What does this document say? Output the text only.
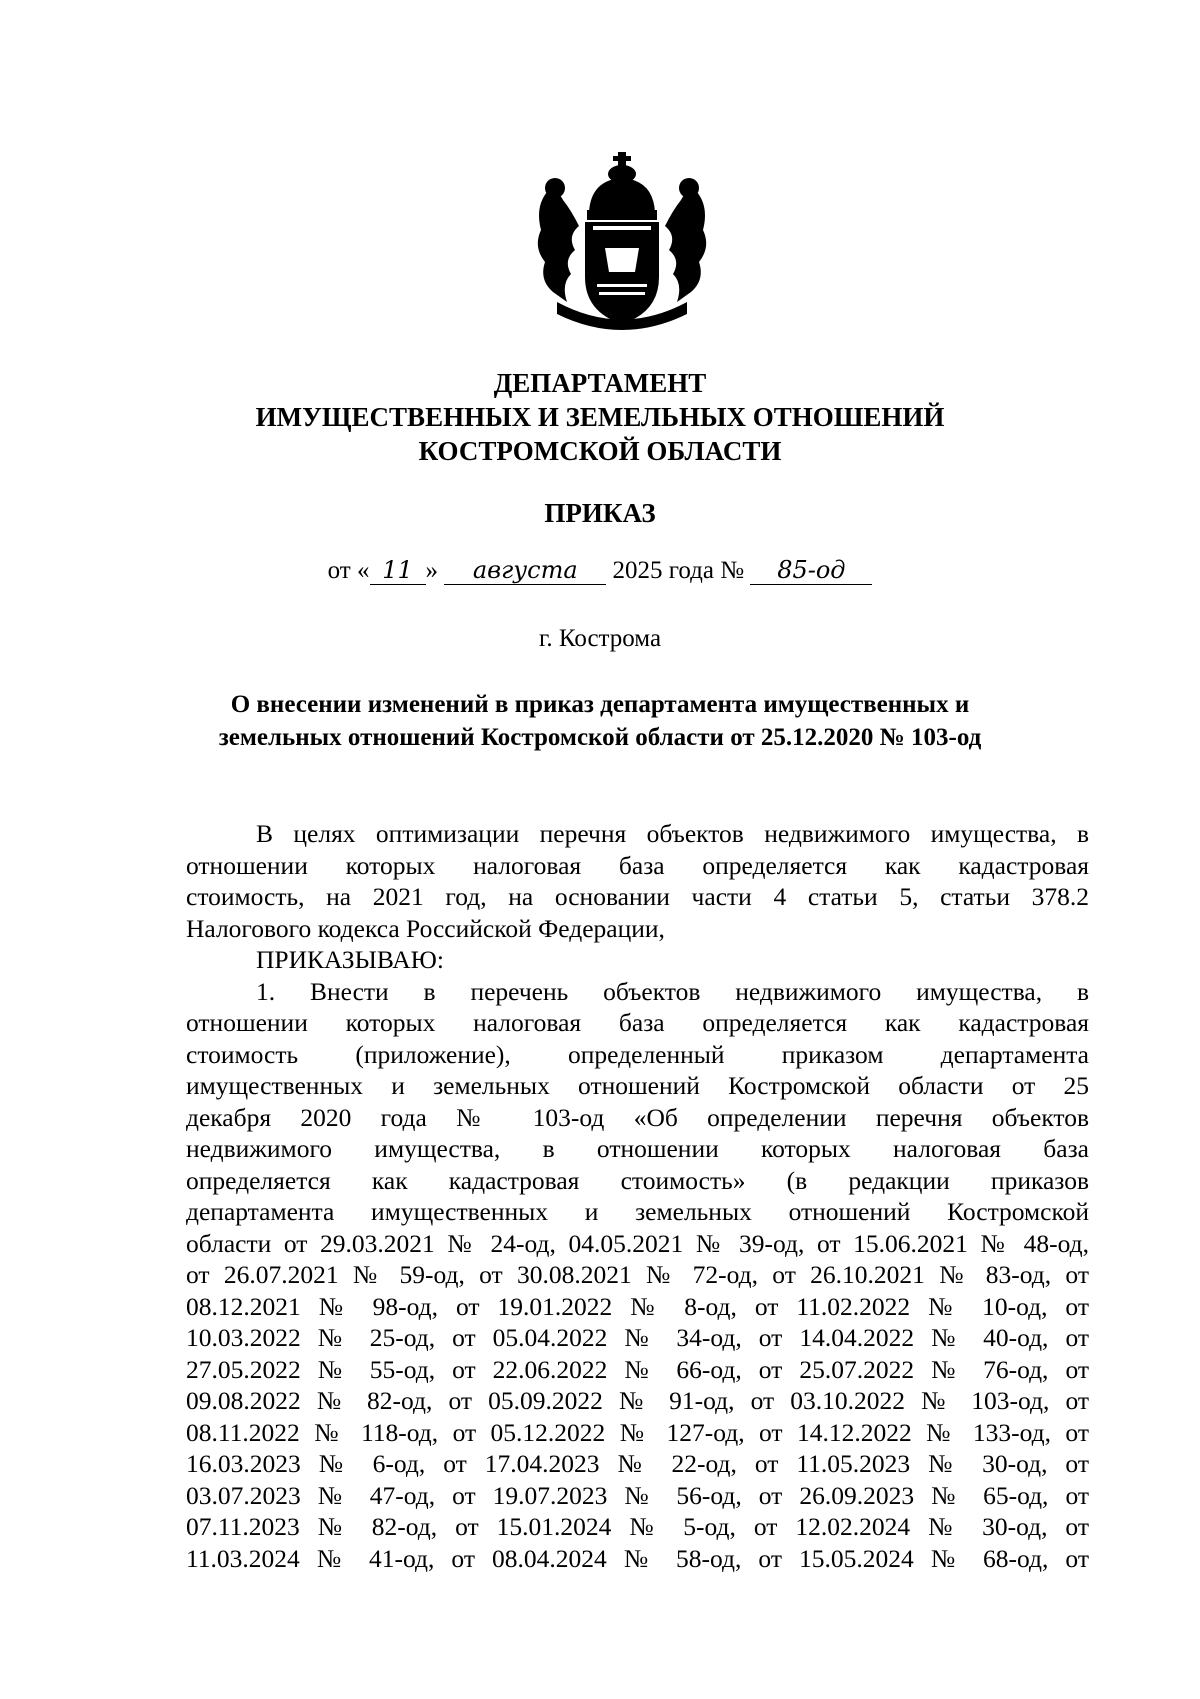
ДЕПАРТАМЕНТ
ИМУЩЕСТВЕННЫХ И ЗЕМЕЛЬНЫХ ОТНОШЕНИЙ
КОСТРОМСКОЙ ОБЛАСТИ
ПРИКАЗ
от « 11 » августа 2025 года № 85-од
г. Кострома
О внесении изменений в приказ департамента имущественных и
земельных отношений Костромской области от 25.12.2020 № 103-од
В целях оптимизации перечня объектов недвижимого имущества, в
отношении которых налоговая база определяется как кадастровая
стоимость, на 2021 год, на основании части 4 статьи 5, статьи 378.2
Налогового кодекса Российской Федерации,
ПРИКАЗЫВАЮ:
1. Внести в перечень объектов недвижимого имущества, в
отношении которых налоговая база определяется как кадастровая
стоимость (приложение), определенный приказом департамента
имущественных и земельных отношений Костромской области от 25
декабря 2020 года № 103-од «Об определении перечня объектов
недвижимого имущества, в отношении которых налоговая база
определяется как кадастровая стоимость» (в редакции приказов
департамента имущественных и земельных отношений Костромской
области от 29.03.2021 № 24-од, 04.05.2021 № 39-од, от 15.06.2021 № 48-од,
от 26.07.2021 № 59-од, от 30.08.2021 № 72-од, от 26.10.2021 № 83-од, от
08.12.2021 № 98-од, от 19.01.2022 № 8-од, от 11.02.2022 № 10-од, от
10.03.2022 № 25-од, от 05.04.2022 № 34-од, от 14.04.2022 № 40-од, от
27.05.2022 № 55-од, от 22.06.2022 № 66-од, от 25.07.2022 № 76-од, от
09.08.2022 № 82-од, от 05.09.2022 № 91-од, от 03.10.2022 № 103-од, от
08.11.2022 № 118-од, от 05.12.2022 № 127-од, от 14.12.2022 № 133-од, от
16.03.2023 № 6-од, от 17.04.2023 № 22-од, от 11.05.2023 № 30-од, от
03.07.2023 № 47-од, от 19.07.2023 № 56-од, от 26.09.2023 № 65-од, от
07.11.2023 № 82-од, от 15.01.2024 № 5-од, от 12.02.2024 № 30-од, от
11.03.2024 № 41-од, от 08.04.2024 № 58-од, от 15.05.2024 № 68-од, от
